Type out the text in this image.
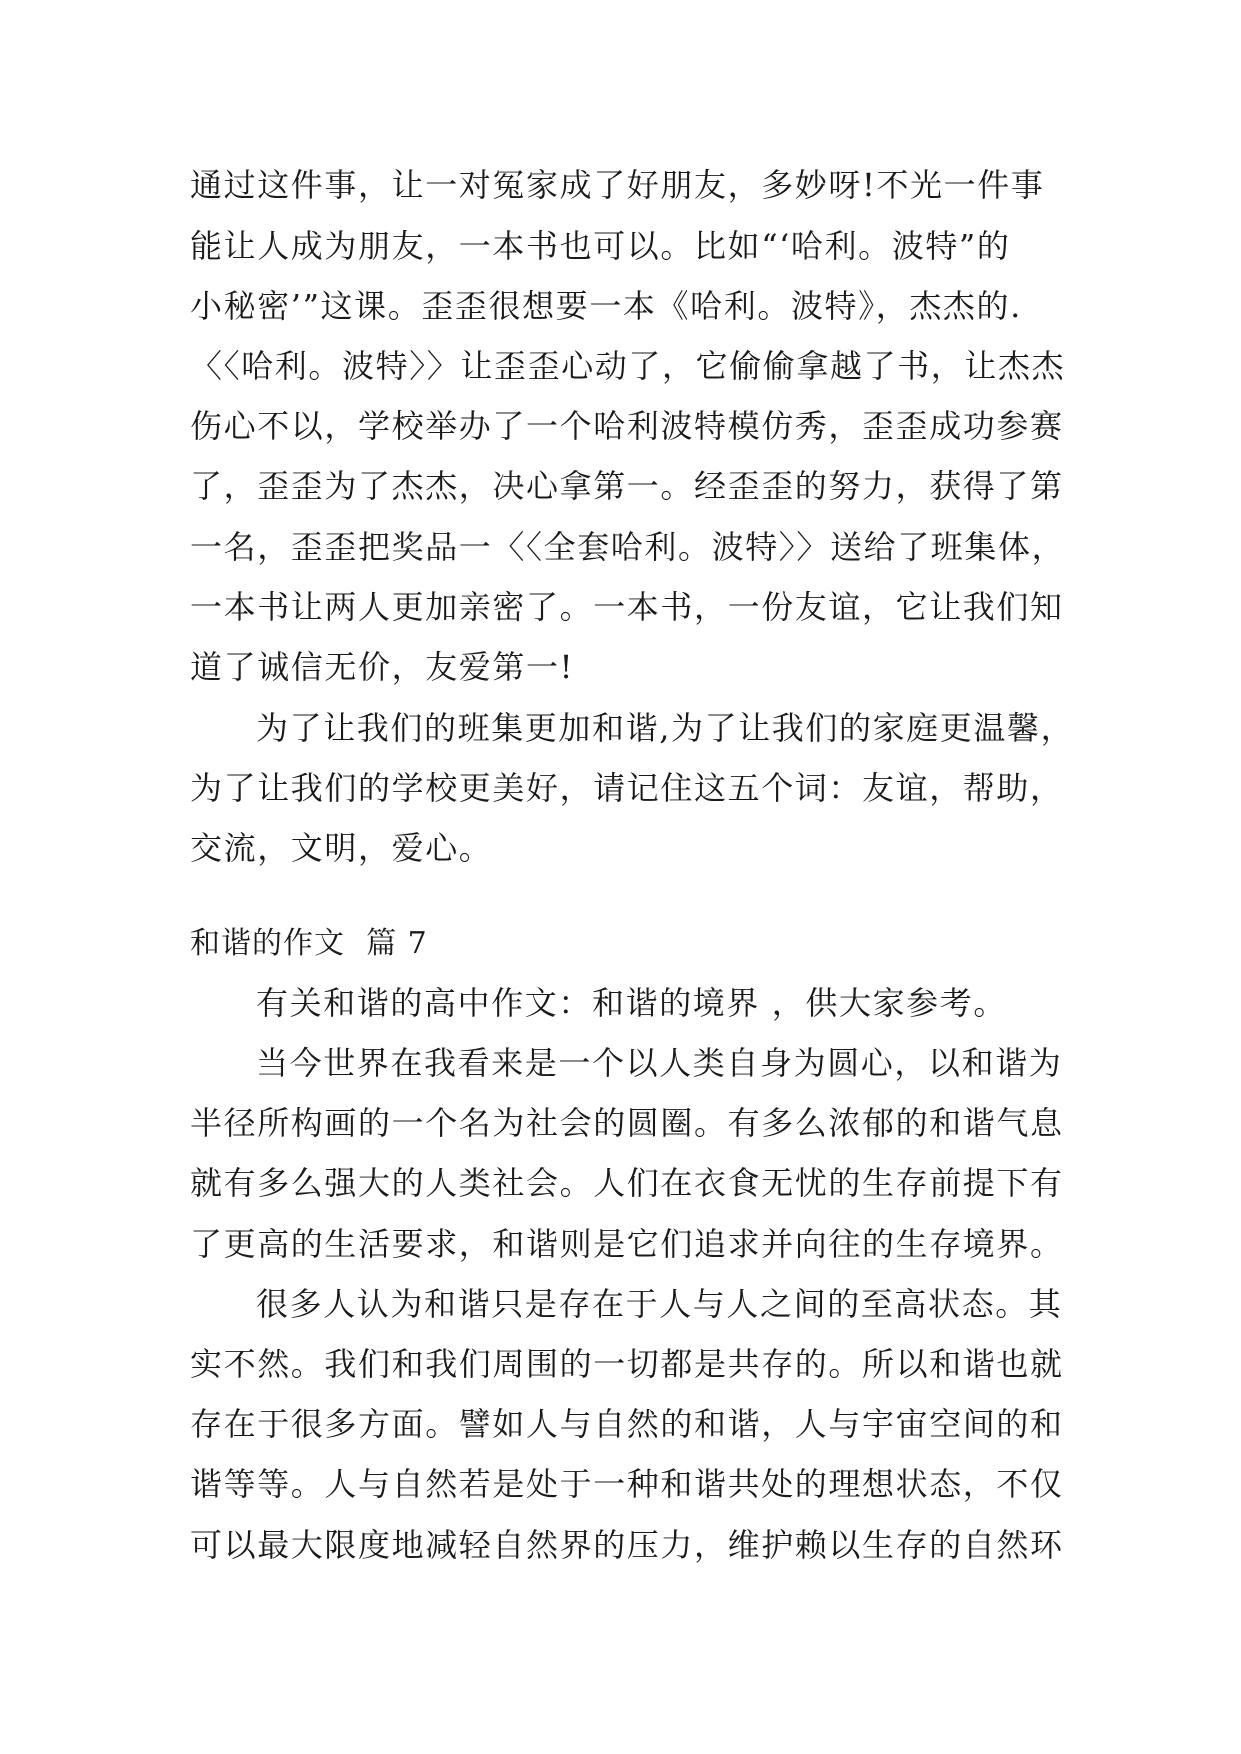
通过这件事，让一对冤家成了好朋友，多妙呀!不光一件事
能让人成为朋友，一本书也可以。比如“‘哈利。波特”的
小秘密’”这课。歪歪很想要一本《哈利。波特》，杰杰的.
〈〈哈利。波特〉〉让歪歪心动了，它偷偷拿越了书，让杰杰
伤心不以，学校举办了一个哈利波特模仿秀，歪歪成功参赛
了，歪歪为了杰杰，决心拿第一。经歪歪的努力，获得了第
一名，歪歪把奖品一〈〈全套哈利。波特〉〉送给了班集体，
一本书让两人更加亲密了。一本书，一份友谊，它让我们知
道了诚信无价，友爱第一!
为了让我们的班集更加和谐,为了让我们的家庭更温馨，
为了让我们的学校更美好，请记住这五个词：友谊，帮助，
交流，文明，爱心。
和谐的作文  篇 7
有关和谐的高中作文：和谐的境界 ，供大家参考。
当今世界在我看来是一个以人类自身为圆心，以和谐为
半径所构画的一个名为社会的圆圈。有多么浓郁的和谐气息
就有多么强大的人类社会。人们在衣食无忧的生存前提下有
了更高的生活要求，和谐则是它们追求并向往的生存境界。
很多人认为和谐只是存在于人与人之间的至高状态。其
实不然。我们和我们周围的一切都是共存的。所以和谐也就
存在于很多方面。譬如人与自然的和谐，人与宇宙空间的和
谐等等。人与自然若是处于一种和谐共处的理想状态，不仅
可以最大限度地减轻自然界的压力，维护赖以生存的自然环
